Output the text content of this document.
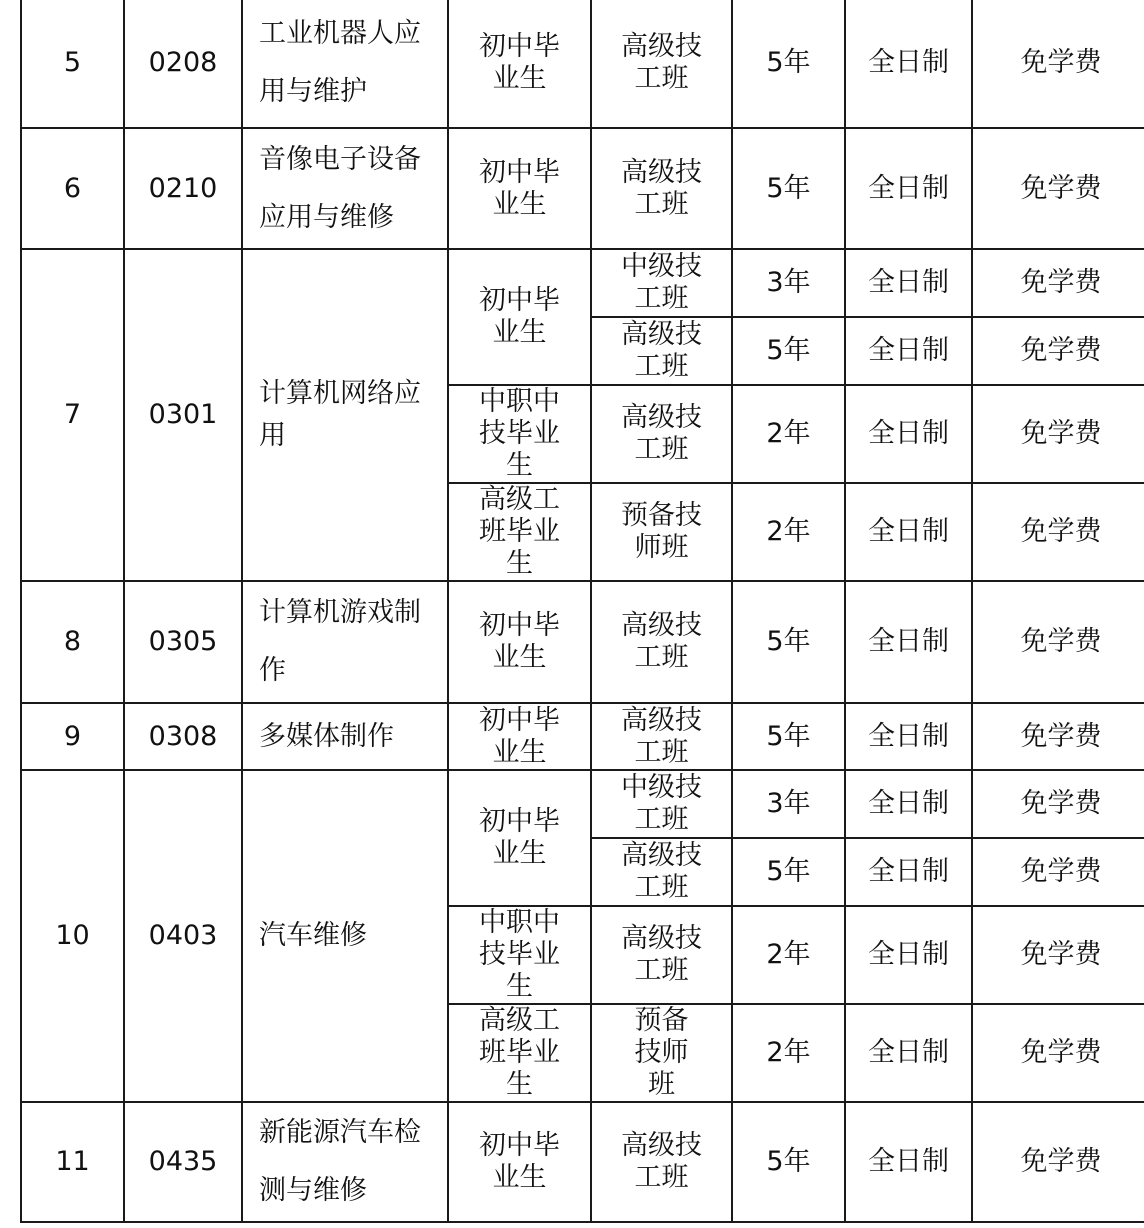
5	0208	工业机器人应用与维护	初中毕业生	高级技工班	5年	全日制	免学费
6	0210	音像电子设备应用与维修	初中毕业生	高级技工班	5年	全日制	免学费
7	0301	计算机网络应用	初中毕业生	中级技工班	3年	全日制	免学费
				高级技工班	5年	全日制	免学费
			中职中技毕业生	高级技工班	2年	全日制	免学费
			高级工班毕业生	预备技师班	2年	全日制	免学费
8	0305	计算机游戏制作	初中毕业生	高级技工班	5年	全日制	免学费
9	0308	多媒体制作	初中毕业生	高级技工班	5年	全日制	免学费
10	0403	汽车维修	初中毕业生	中级技工班	3年	全日制	免学费
				高级技工班	5年	全日制	免学费
			中职中技毕业生	高级技工班	2年	全日制	免学费
			高级工班毕业生	预备技师班	2年	全日制	免学费
11	0435	新能源汽车检测与维修	初中毕业生	高级技工班	5年	全日制	免学费
